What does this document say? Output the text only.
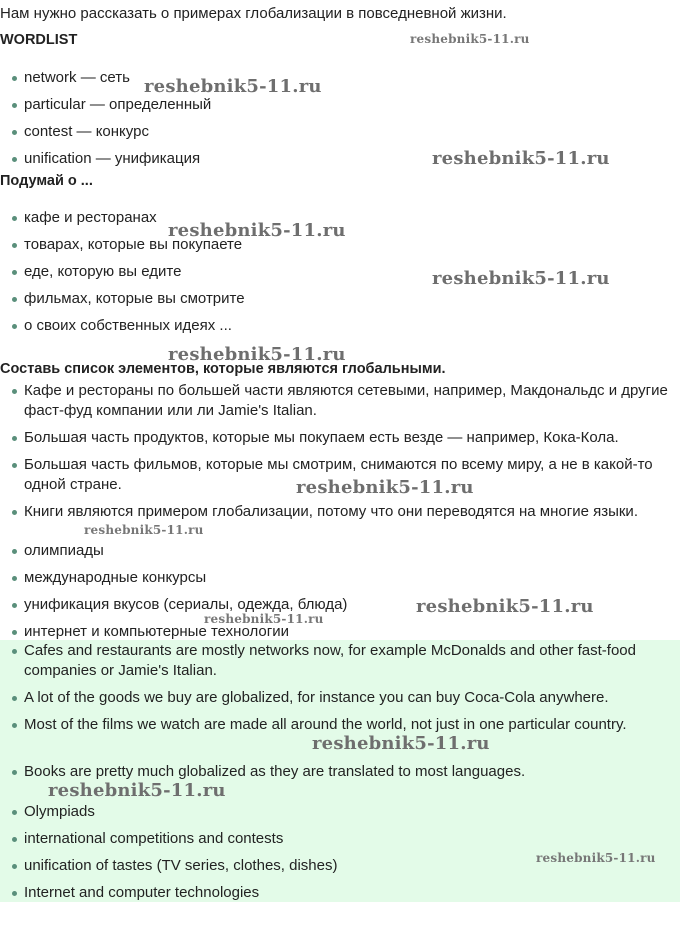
Нам нужно рассказать о примерах глобализации в повседневной жизни.
WORDLIST
network — сеть
particular — определенный
contest — конкурс
unification — унификация
Подумай о ...
кафе и ресторанах
товарах, которые вы покупаете
еде, которую вы едите
фильмах, которые вы смотрите
о своих собственных идеях ...
Составь список элементов, которые являются глобальными.
Кафе и рестораны по большей части являются сетевыми, например, Макдональдс и другие фаст-фуд компании или ли Jamie's Italian.
Большая часть продуктов, которые мы покупаем есть везде — например, Кока-Кола.
Большая часть фильмов, которые мы смотрим, снимаются по всему миру, а не в какой-то одной стране.
Книги являются примером глобализации, потому что они переводятся на многие языки.
олимпиады
международные конкурсы
унификация вкусов (сериалы, одежда, блюда)
интернет и компьютерные технологии
Cafes and restaurants are mostly networks now, for example McDonalds and other fast-food companies or Jamie's Italian.
A lot of the goods we buy are globalized, for instance you can buy Coca-Cola anywhere.
Most of the films we watch are made all around the world, not just in one particular country.
Books are pretty much globalized as they are translated to most languages.
Olympiads
international competitions and contests
unification of tastes (TV series, clothes, dishes)
Internet and computer technologies
reshebnik5-11.ru
reshebnik5-11.ru
reshebnik5-11.ru
reshebnik5-11.ru
reshebnik5-11.ru
reshebnik5-11.ru
reshebnik5-11.ru
reshebnik5-11.ru
reshebnik5-11.ru
reshebnik5-11.ru
reshebnik5-11.ru
reshebnik5-11.ru
reshebnik5-11.ru
